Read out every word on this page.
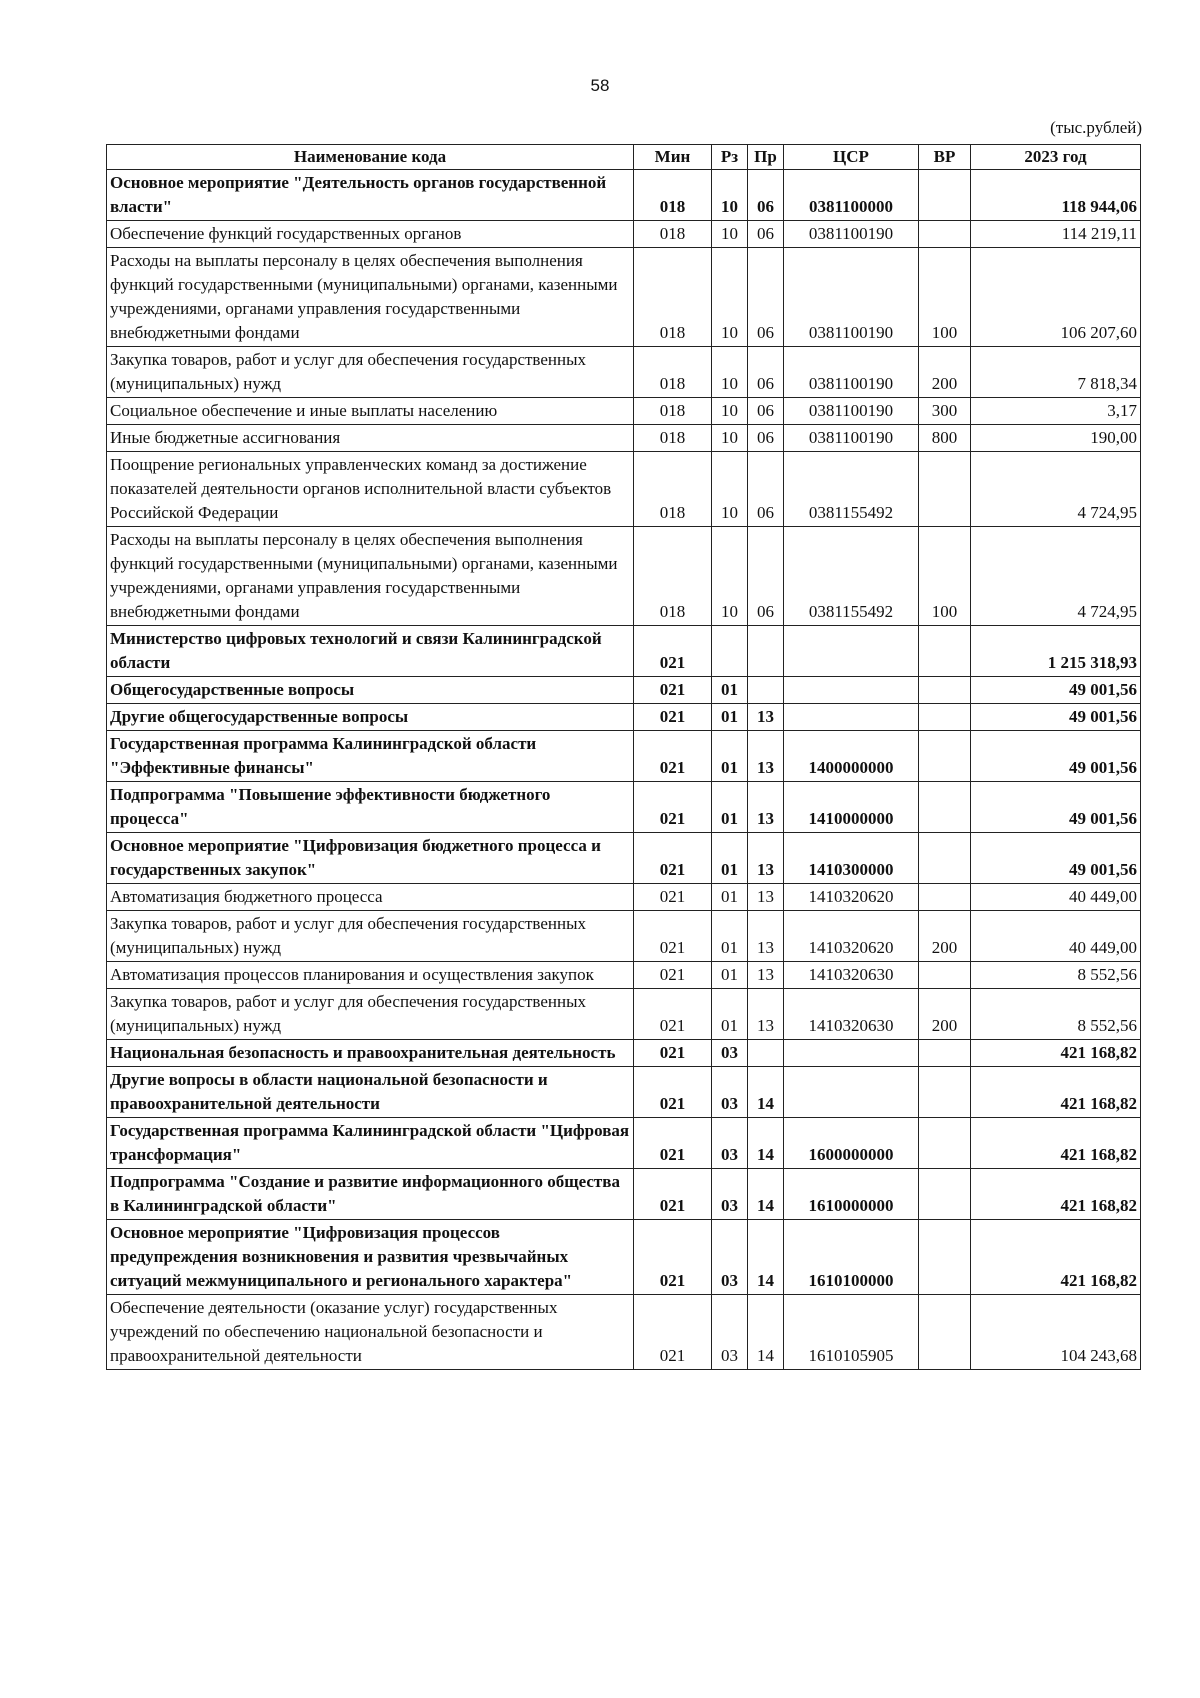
58
(тыс.рублей)
Наименование кода	Мин	Рз	Пр	ЦСР	ВР	2023 год
Основное мероприятие "Деятельность органов государственной власти"	018	10	06	0381100000		118 944,06
Обеспечение функций государственных органов	018	10	06	0381100190		114 219,11
Расходы на выплаты персоналу в целях обеспечения выполнения функций государственными (муниципальными) органами, казенными учреждениями, органами управления государственными внебюджетными фондами	018	10	06	0381100190	100	106 207,60
Закупка товаров, работ и услуг для обеспечения государственных (муниципальных) нужд	018	10	06	0381100190	200	7 818,34
Социальное обеспечение и иные выплаты населению	018	10	06	0381100190	300	3,17
Иные бюджетные ассигнования	018	10	06	0381100190	800	190,00
Поощрение региональных управленческих команд за достижение показателей деятельности органов исполнительной власти субъектов Российской Федерации	018	10	06	0381155492		4 724,95
Расходы на выплаты персоналу в целях обеспечения выполнения функций государственными (муниципальными) органами, казенными учреждениями, органами управления государственными внебюджетными фондами	018	10	06	0381155492	100	4 724,95
Министерство цифровых технологий и связи Калининградской области	021					1 215 318,93
Общегосударственные вопросы	021	01				49 001,56
Другие общегосударственные вопросы	021	01	13			49 001,56
Государственная программа Калининградской области "Эффективные финансы"	021	01	13	1400000000		49 001,56
Подпрограмма "Повышение эффективности бюджетного процесса"	021	01	13	1410000000		49 001,56
Основное мероприятие "Цифровизация бюджетного процесса и государственных закупок"	021	01	13	1410300000		49 001,56
Автоматизация бюджетного процесса	021	01	13	1410320620		40 449,00
Закупка товаров, работ и услуг для обеспечения государственных (муниципальных) нужд	021	01	13	1410320620	200	40 449,00
Автоматизация процессов планирования и осуществления закупок	021	01	13	1410320630		8 552,56
Закупка товаров, работ и услуг для обеспечения государственных (муниципальных) нужд	021	01	13	1410320630	200	8 552,56
Национальная безопасность и правоохранительная деятельность	021	03				421 168,82
Другие вопросы в области национальной безопасности и правоохранительной деятельности	021	03	14			421 168,82
Государственная программа Калининградской области "Цифровая трансформация"	021	03	14	1600000000		421 168,82
Подпрограмма "Создание и развитие информационного общества в Калининградской области"	021	03	14	1610000000		421 168,82
Основное мероприятие "Цифровизация процессов предупреждения возникновения и развития чрезвычайных ситуаций межмуниципального и регионального характера"	021	03	14	1610100000		421 168,82
Обеспечение деятельности (оказание услуг) государственных учреждений по обеспечению национальной безопасности и правоохранительной деятельности	021	03	14	1610105905		104 243,68
